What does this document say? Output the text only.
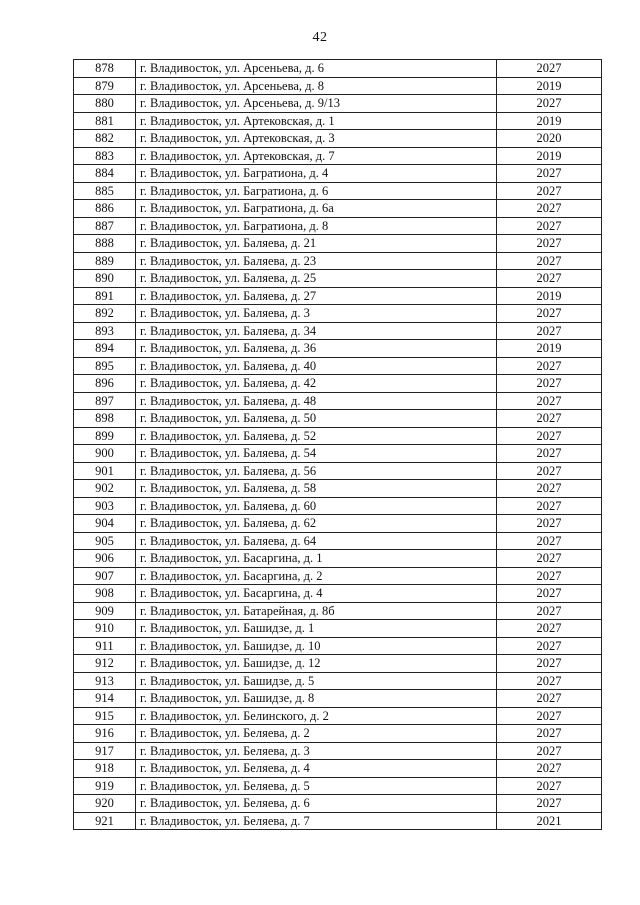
42
878	г. Владивосток, ул. Арсеньева, д. 6	2027
879	г. Владивосток, ул. Арсеньева, д. 8	2019
880	г. Владивосток, ул. Арсеньева, д. 9/13	2027
881	г. Владивосток, ул. Артековская, д. 1	2019
882	г. Владивосток, ул. Артековская, д. 3	2020
883	г. Владивосток, ул. Артековская, д. 7	2019
884	г. Владивосток, ул. Багратиона, д. 4	2027
885	г. Владивосток, ул. Багратиона, д. 6	2027
886	г. Владивосток, ул. Багратиона, д. 6а	2027
887	г. Владивосток, ул. Багратиона, д. 8	2027
888	г. Владивосток, ул. Баляева, д. 21	2027
889	г. Владивосток, ул. Баляева, д. 23	2027
890	г. Владивосток, ул. Баляева, д. 25	2027
891	г. Владивосток, ул. Баляева, д. 27	2019
892	г. Владивосток, ул. Баляева, д. 3	2027
893	г. Владивосток, ул. Баляева, д. 34	2027
894	г. Владивосток, ул. Баляева, д. 36	2019
895	г. Владивосток, ул. Баляева, д. 40	2027
896	г. Владивосток, ул. Баляева, д. 42	2027
897	г. Владивосток, ул. Баляева, д. 48	2027
898	г. Владивосток, ул. Баляева, д. 50	2027
899	г. Владивосток, ул. Баляева, д. 52	2027
900	г. Владивосток, ул. Баляева, д. 54	2027
901	г. Владивосток, ул. Баляева, д. 56	2027
902	г. Владивосток, ул. Баляева, д. 58	2027
903	г. Владивосток, ул. Баляева, д. 60	2027
904	г. Владивосток, ул. Баляева, д. 62	2027
905	г. Владивосток, ул. Баляева, д. 64	2027
906	г. Владивосток, ул. Басаргина, д. 1	2027
907	г. Владивосток, ул. Басаргина, д. 2	2027
908	г. Владивосток, ул. Басаргина, д. 4	2027
909	г. Владивосток, ул. Батарейная, д. 8б	2027
910	г. Владивосток, ул. Башидзе, д. 1	2027
911	г. Владивосток, ул. Башидзе, д. 10	2027
912	г. Владивосток, ул. Башидзе, д. 12	2027
913	г. Владивосток, ул. Башидзе, д. 5	2027
914	г. Владивосток, ул. Башидзе, д. 8	2027
915	г. Владивосток, ул. Белинского, д. 2	2027
916	г. Владивосток, ул. Беляева, д. 2	2027
917	г. Владивосток, ул. Беляева, д. 3	2027
918	г. Владивосток, ул. Беляева, д. 4	2027
919	г. Владивосток, ул. Беляева, д. 5	2027
920	г. Владивосток, ул. Беляева, д. 6	2027
921	г. Владивосток, ул. Беляева, д. 7	2021
